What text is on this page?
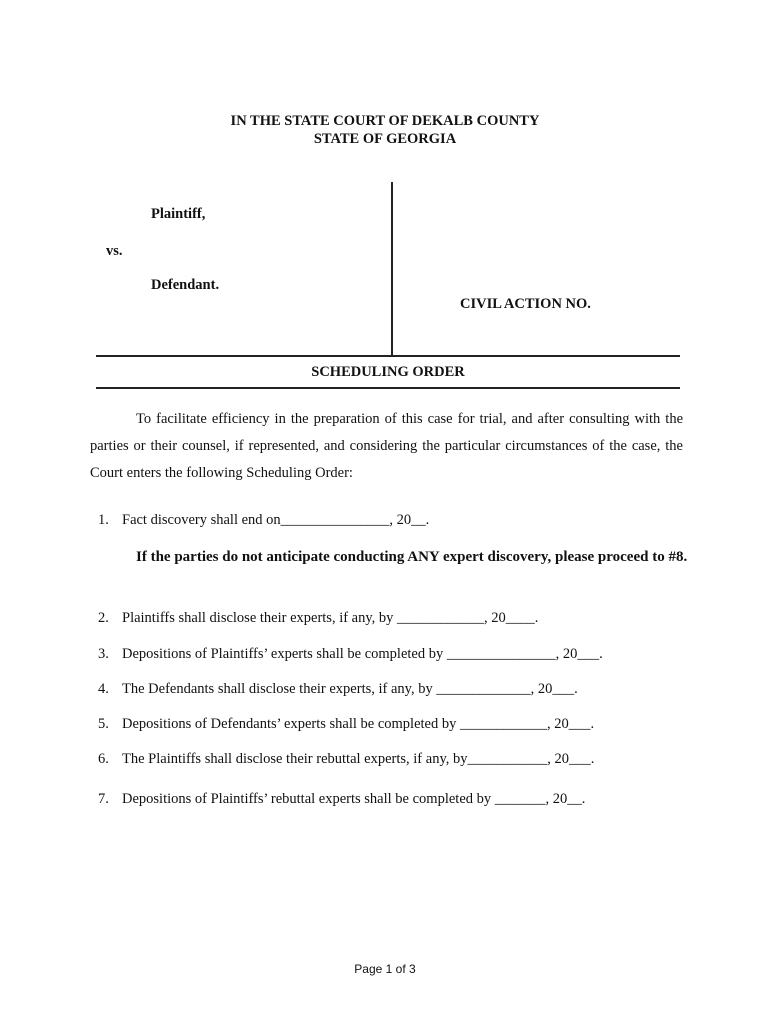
IN THE STATE COURT OF DEKALB COUNTY
STATE OF GEORGIA
Plaintiff,
vs.
Defendant.
CIVIL ACTION NO.
SCHEDULING ORDER

To facilitate efficiency in the preparation of this case for trial, and after consulting with the parties or their counsel, if represented, and considering the particular circumstances of the case, the Court enters the following Scheduling Order:

1. Fact discovery shall end on_______________, 20__.
If the parties do not anticipate conducting ANY expert discovery, please proceed to #8.
2. Plaintiffs shall disclose their experts, if any, by ____________, 20____.
3. Depositions of Plaintiffs’ experts shall be completed by _______________, 20___.
4. The Defendants shall disclose their experts, if any, by _____________, 20___.
5. Depositions of Defendants’ experts shall be completed by ____________, 20___.
6. The Plaintiffs shall disclose their rebuttal experts, if any, by___________, 20___.
7. Depositions of Plaintiffs’ rebuttal experts shall be completed by _______, 20__.
Page 1 of 3
